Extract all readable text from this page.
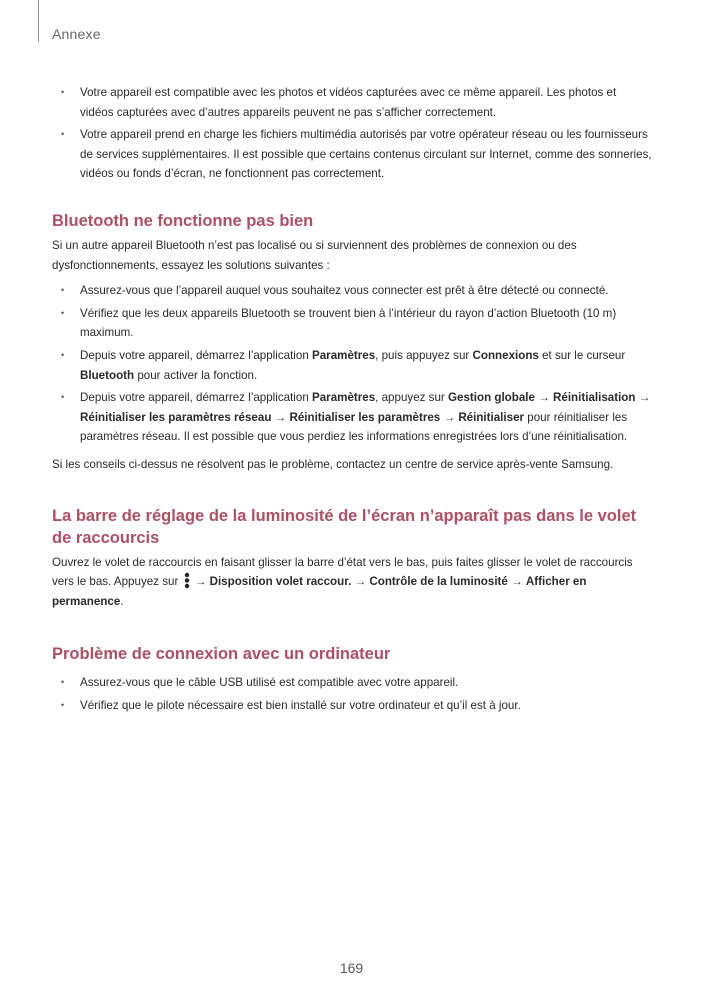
Annexe
• Votre appareil est compatible avec les photos et vidéos capturées avec ce même appareil. Les photos et vidéos capturées avec d’autres appareils peuvent ne pas s’afficher correctement.
• Votre appareil prend en charge les fichiers multimédia autorisés par votre opérateur réseau ou les fournisseurs de services supplémentaires. Il est possible que certains contenus circulant sur Internet, comme des sonneries, vidéos ou fonds d’écran, ne fonctionnent pas correctement.
Bluetooth ne fonctionne pas bien

Si un autre appareil Bluetooth n’est pas localisé ou si surviennent des problèmes de connexion ou des dysfonctionnements, essayez les solutions suivantes :

• Assurez-vous que l’appareil auquel vous souhaitez vous connecter est prêt à être détecté ou connecté.
• Vérifiez que les deux appareils Bluetooth se trouvent bien à l’intérieur du rayon d’action Bluetooth (10 m) maximum.
• Depuis votre appareil, démarrez l’application Paramètres, puis appuyez sur Connexions et sur le curseur Bluetooth pour activer la fonction.
• Depuis votre appareil, démarrez l’application Paramètres, appuyez sur Gestion globale → Réinitialisation → Réinitialiser les paramètres réseau → Réinitialiser les paramètres → Réinitialiser pour réinitialiser les paramètres réseau. Il est possible que vous perdiez les informations enregistrées lors d’une réinitialisation.

Si les conseils ci-dessus ne résolvent pas le problème, contactez un centre de service après-vente Samsung.

La barre de réglage de la luminosité de l’écran n’apparaît pas dans le volet de raccourcis

Ouvrez le volet de raccourcis en faisant glisser la barre d’état vers le bas, puis faites glisser le volet de raccourcis vers le bas. Appuyez sur  → Disposition volet raccour. → Contrôle de la luminosité → Afficher en permanence.

Problème de connexion avec un ordinateur
• Assurez-vous que le câble USB utilisé est compatible avec votre appareil.
• Vérifiez que le pilote nécessaire est bien installé sur votre ordinateur et qu’il est à jour.
169
